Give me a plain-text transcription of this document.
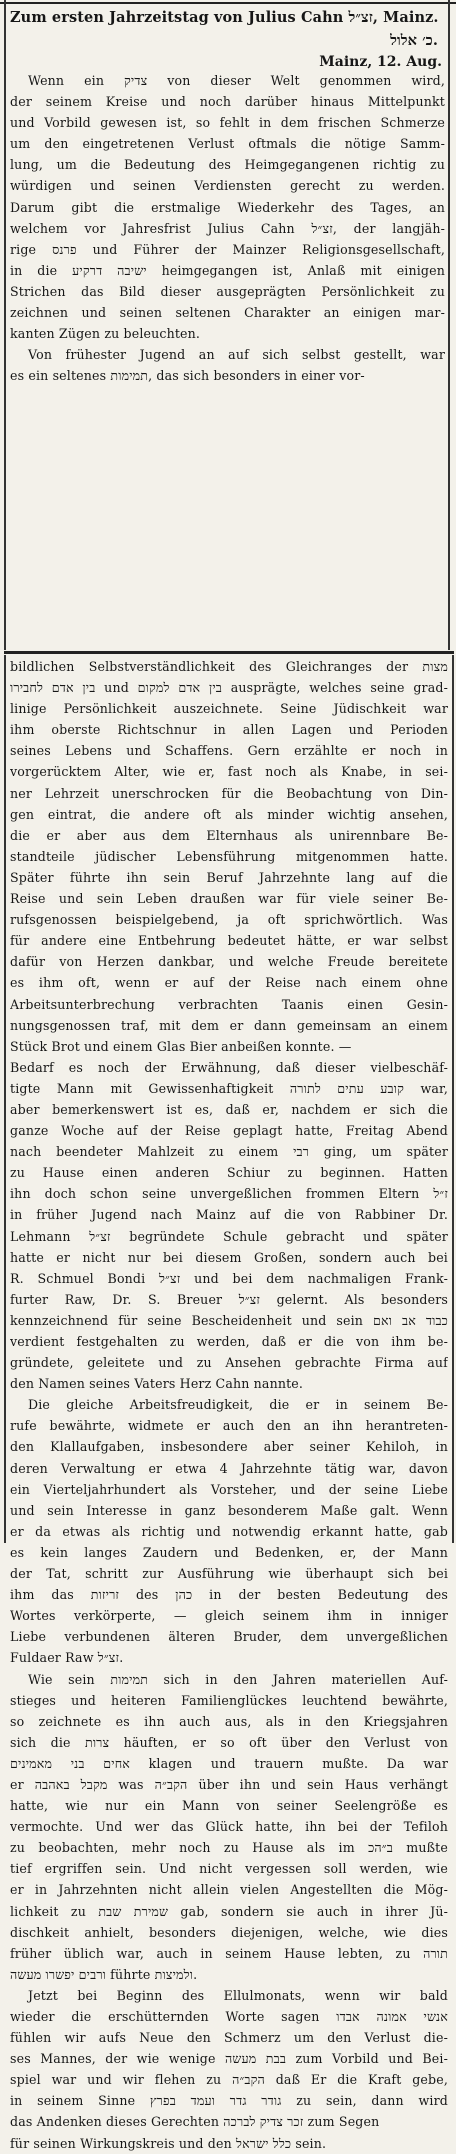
Zum ersten Jahrzeitstag von Julius Cahn זצ״ל, Mainz.
כ׳ אלול.
Mainz, 12. Aug.
Wenn ein צדיק von dieser Welt genommen wird,
der seinem Kreise und noch darüber hinaus Mittelpunkt
und Vorbild gewesen ist, so fehlt in dem frischen Schmerze
um den eingetretenen Verlust oftmals die nötige Samm-
lung, um die Bedeutung des Heimgegangenen richtig zu
würdigen und seinen Verdiensten gerecht zu werden.
Darum gibt die erstmalige Wiederkehr des Tages, an
welchem vor Jahresfrist Julius Cahn זצ״ל, der langjäh-
rige פרנס und Führer der Mainzer Religionsgesellschaft,
in die ישיבה דרקיע heimgegangen ist, Anlaß mit einigen
Strichen das Bild dieser ausgeprägten Persönlichkeit zu
zeichnen und seinen seltenen Charakter an einigen mar-
kanten Zügen zu beleuchten.
Von frühester Jugend an auf sich selbst gestellt, war
es ein seltenes תמימות, das sich besonders in einer vor-
bildlichen Selbstverständlichkeit des Gleichranges der מצות
בין אדם לחבירו und בין אדם למקום ausprägte, welches seine grad-
linige Persönlichkeit auszeichnete. Seine Jüdischkeit war
ihm oberste Richtschnur in allen Lagen und Perioden
seines Lebens und Schaffens. Gern erzählte er noch in
vorgerücktem Alter, wie er, fast noch als Knabe, in sei-
ner Lehrzeit unerschrocken für die Beobachtung von Din-
gen eintrat, die andere oft als minder wichtig ansehen,
die er aber aus dem Elternhaus als unirennbare Be-
standteile jüdischer Lebensführung mitgenommen hatte.
Später führte ihn sein Beruf Jahrzehnte lang auf die
Reise und sein Leben draußen war für viele seiner Be-
rufsgenossen beispielgebend, ja oft sprichwörtlich. Was
für andere eine Entbehrung bedeutet hätte, er war selbst
dafür von Herzen dankbar, und welche Freude bereitete
es ihm oft, wenn er auf der Reise nach einem ohne
Arbeitsunterbrechung verbrachten Taanis einen Gesin-
nungsgenossen traf, mit dem er dann gemeinsam an einem
Stück Brot und einem Glas Bier anbeißen konnte. —
Bedarf es noch der Erwähnung, daß dieser vielbeschäf-
tigte Mann mit Gewissenhaftigkeit קובע עתים לתורה war,
aber bemerkenswert ist es, daß er, nachdem er sich die
ganze Woche auf der Reise geplagt hatte, Freitag Abend
nach beendeter Mahlzeit zu einem רבי ging, um später
zu Hause einen anderen Schiur zu beginnen. Hatten
ihn doch schon seine unvergeßlichen frommen Eltern ז״ל
in früher Jugend nach Mainz auf die von Rabbiner Dr.
Lehmann זצ״ל begründete Schule gebracht und später
hatte er nicht nur bei diesem Großen, sondern auch bei
R. Schmuel Bondi זצ״ל und bei dem nachmaligen Frank-
furter Raw, Dr. S. Breuer זצ״ל gelernt. Als besonders
kennzeichnend für seine Bescheidenheit und sein כבוד אב ואם
verdient festgehalten zu werden, daß er die von ihm be-
gründete, geleitete und zu Ansehen gebrachte Firma auf
den Namen seines Vaters Herz Cahn nannte.
Die gleiche Arbeitsfreudigkeit, die er in seinem Be-
rufe bewährte, widmete er auch den an ihn herantreten-
den Klallaufgaben, insbesondere aber seiner Kehiloh, in
deren Verwaltung er etwa 4 Jahrzehnte tätig war, davon
ein Vierteljahrhundert als Vorsteher, und der seine Liebe
und sein Interesse in ganz besonderem Maße galt. Wenn
er da etwas als richtig und notwendig erkannt hatte, gab
es kein langes Zaudern und Bedenken, er, der Mann
der Tat, schritt zur Ausführung wie überhaupt sich bei
ihm das זריזות des כהן in der besten Bedeutung des
Wortes verkörperte, — gleich seinem ihm in inniger
Liebe verbundenen älteren Bruder, dem unvergeßlichen
Fuldaer Raw זצ״ל.
Wie sein תמימות sich in den Jahren materiellen Auf-
stieges und heiteren Familienglückes leuchtend bewährte,
so zeichnete es ihn auch aus, als in den Kriegsjahren
sich die צרות häuften, er so oft über den Verlust von
אחים בני מאמינים klagen und trauern mußte. Da war
er מקבל באהבה was הקב״ה über ihn und sein Haus verhängt
hatte, wie nur ein Mann von seiner Seelengröße es
vermochte. Und wer das Glück hatte, ihn bei der Tefiloh
zu beobachten, mehr noch zu Hause als im ב״הכ mußte
tief ergriffen sein. Und nicht vergessen soll werden, wie
er in Jahrzehnten nicht allein vielen Angestellten die Mög-
lichkeit zu שמירת שבת gab, sondern sie auch in ihrer Jü-
dischkeit anhielt, besonders diejenigen, welche, wie dies
früher üblich war, auch in seinem Hause lebten, zu תורה
ורבים יפשרו מעשה führte ולמיצות.
Jetzt bei Beginn des Ellulmonats, wenn wir bald
wieder die erschütternden Worte sagen אנשי אמונה אבדו
fühlen wir aufs Neue den Schmerz um den Verlust die-
ses Mannes, der wie wenige בבת מעשה zum Vorbild und Bei-
spiel war und wir flehen zu הקב״ה daß Er die Kraft gebe,
in seinem Sinne גודר גדר ועמד בפרץ zu sein, dann wird
das Andenken dieses Gerechten זכר צדיק לברכה zum Segen
für seinen Wirkungskreis und den כלל ישראל sein.
